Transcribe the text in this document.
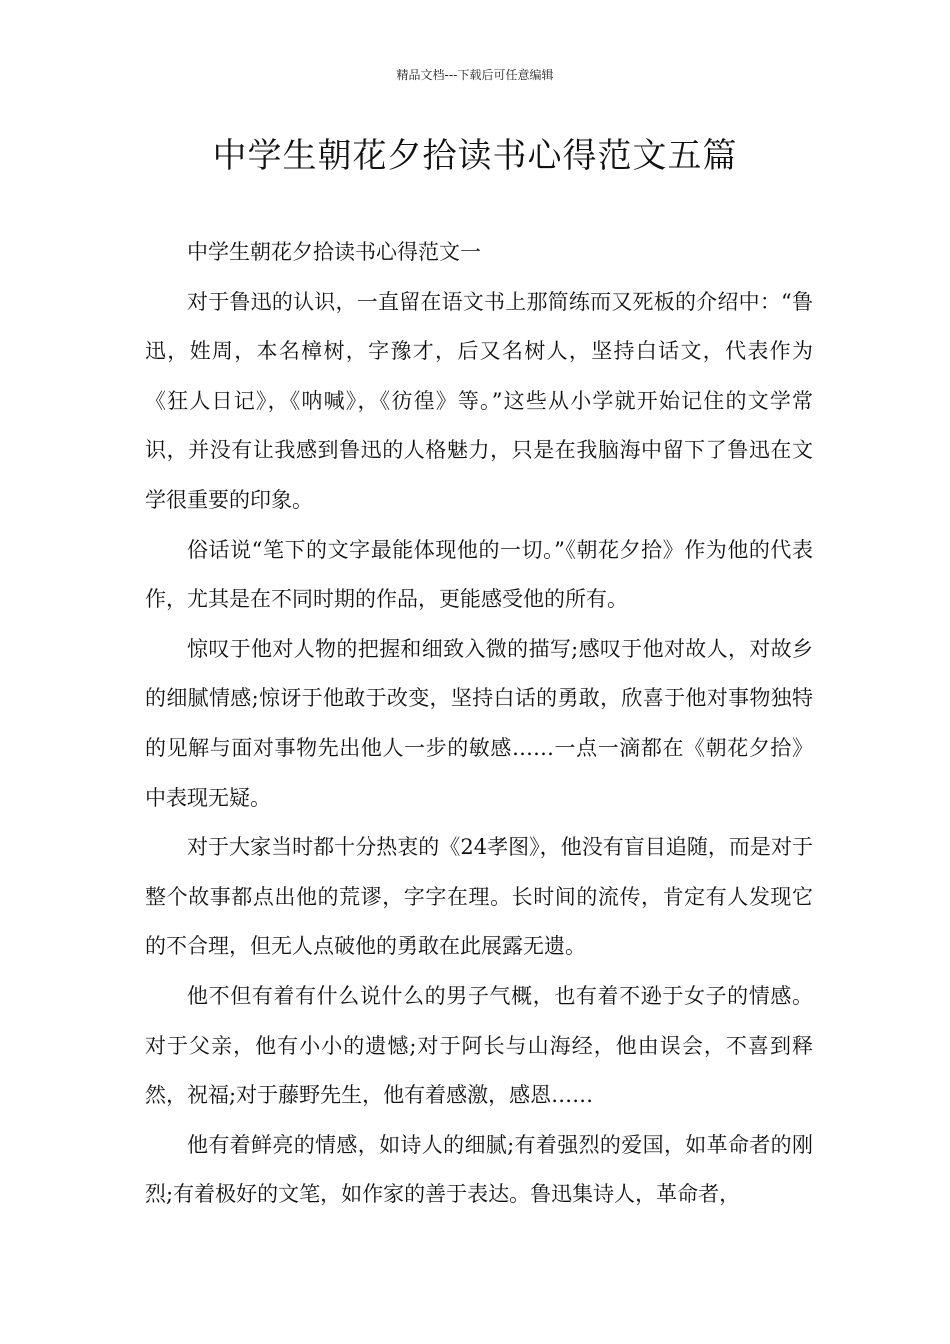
精品文档---下载后可任意编辑
中学生朝花夕拾读书心得范文五篇

中学生朝花夕拾读书心得范文一

对于鲁迅的认识，一直留在语文书上那简练而又死板的介绍中：“鲁迅，姓周，本名樟树，字豫才，后又名树人，坚持白话文，代表作为《狂人日记》，《呐喊》，《彷徨》等。”这些从小学就开始记住的文学常识，并没有让我感到鲁迅的人格魅力，只是在我脑海中留下了鲁迅在文学很重要的印象。

俗话说“笔下的文字最能体现他的一切。”《朝花夕拾》作为他的代表作，尤其是在不同时期的作品，更能感受他的所有。

惊叹于他对人物的把握和细致入微的描写;感叹于他对故人，对故乡的细腻情感;惊讶于他敢于改变，坚持白话的勇敢，欣喜于他对事物独特的见解与面对事物先出他人一步的敏感……一点一滴都在《朝花夕拾》中表现无疑。

对于大家当时都十分热衷的《24孝图》，他没有盲目追随，而是对于整个故事都点出他的荒谬，字字在理。长时间的流传，肯定有人发现它的不合理，但无人点破他的勇敢在此展露无遗。

他不但有着有什么说什么的男子气概，也有着不逊于女子的情感。对于父亲，他有小小的遗憾;对于阿长与山海经，他由误会，不喜到释然，祝福;对于藤野先生，他有着感激，感恩……

他有着鲜亮的情感，如诗人的细腻;有着强烈的爱国，如革命者的刚烈;有着极好的文笔，如作家的善于表达。鲁迅集诗人，革命者，
